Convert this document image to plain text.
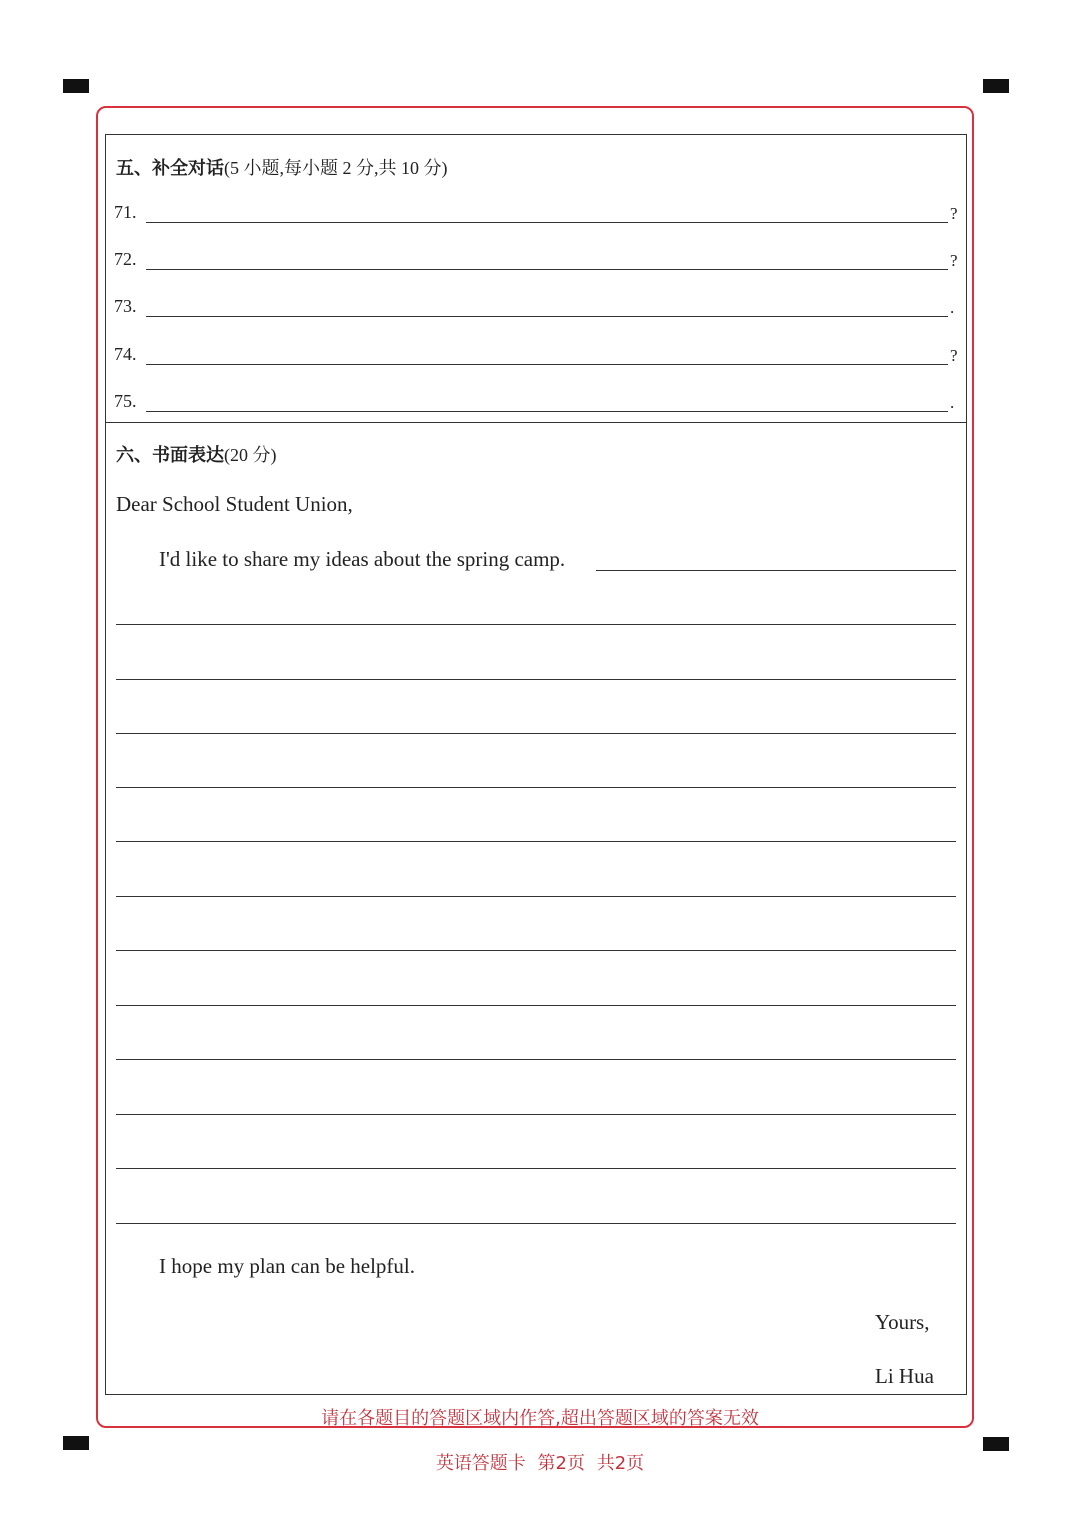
五、补全对话(5 小题,每小题 2 分,共 10 分)
71.	?
72.	?
73.	.
74.	?
75.	.
六、书面表达(20 分)
Dear School Student Union,
I'd like to share my ideas about the spring camp.
I hope my plan can be helpful.
Yours,
Li Hua
请在各题目的答题区域内作答,超出答题区域的答案无效
英语答题卡 第2页 共2页
